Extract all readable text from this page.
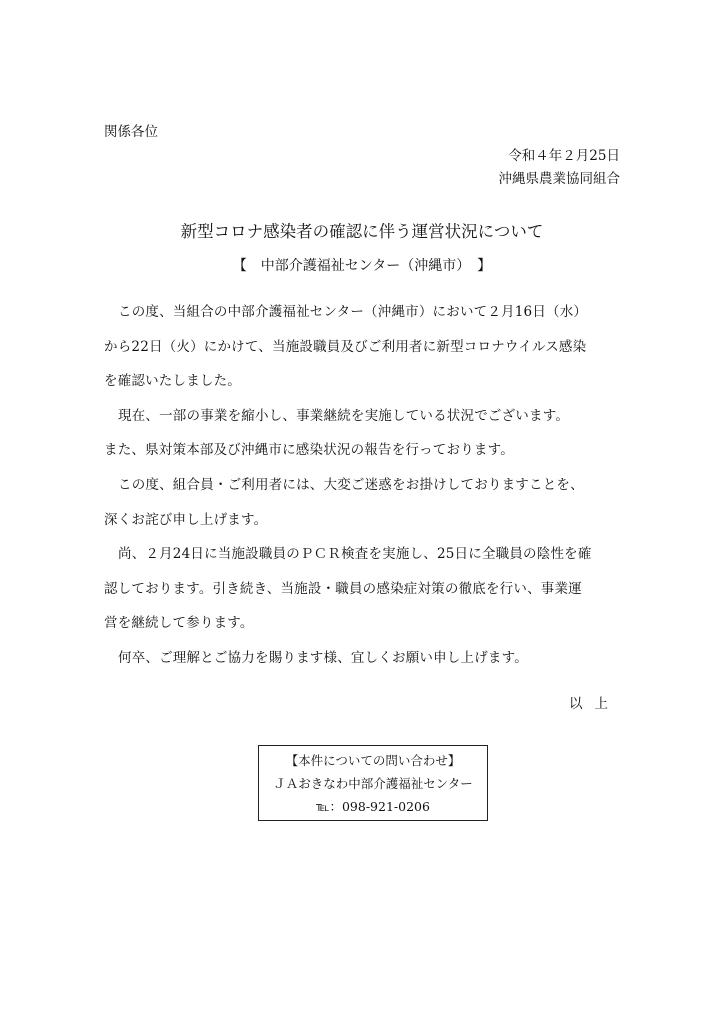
関係各位
令和４年２月25日
沖縄県農業協同組合
新型コロナ感染者の確認に伴う運営状況について
【　中部介護福祉センター（沖縄市）　】
この度、当組合の中部介護福祉センター（沖縄市）において２月16日（水）
から22日（火）にかけて、当施設職員及びご利用者に新型コロナウイルス感染
を確認いたしました。
現在、一部の事業を縮小し、事業継続を実施している状況でございます。
また、県対策本部及び沖縄市に感染状況の報告を行っております。
この度、組合員・ご利用者には、大変ご迷惑をお掛けしておりますことを、
深くお詫び申し上げます。
尚、２月24日に当施設職員のＰＣＲ検査を実施し、25日に全職員の陰性を確
認しております。引き続き、当施設・職員の感染症対策の徹底を行い、事業運
営を継続して参ります。
何卒、ご理解とご協力を賜ります様、宜しくお願い申し上げます。
以上
【本件についての問い合わせ】
ＪＡおきなわ中部介護福祉センター
℡：098-921-0206
